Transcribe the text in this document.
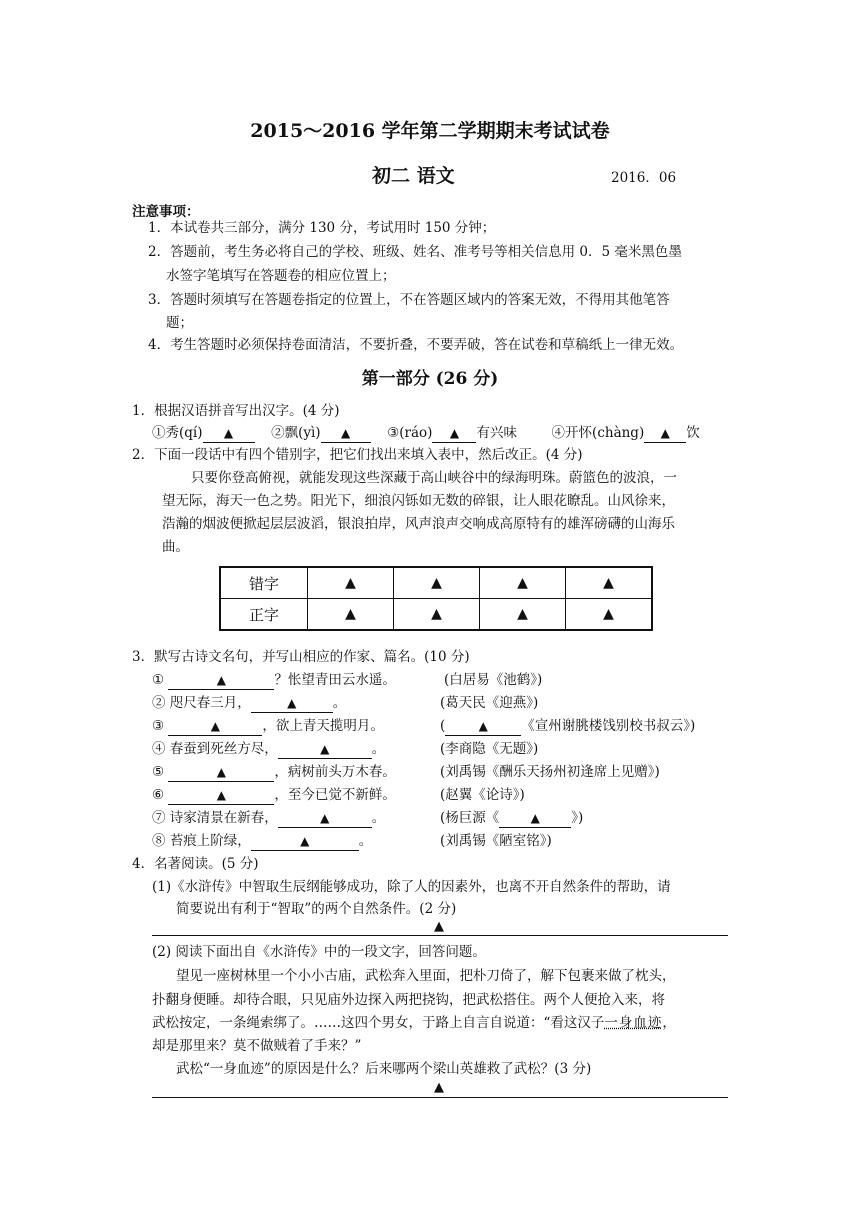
2015～2016 学年第二学期期末考试试卷
初二 语文	2016．06
注意事项：
1．本试卷共三部分，满分 130 分，考试用时 150 分钟；
2．答题前，考生务必将自己的学校、班级、姓名、准考号等相关信息用 0．5 毫米黑色墨
水签字笔填写在答题卷的相应位置上；
3．答题时须填写在答题卷指定的位置上，不在答题区域内的答案无效，不得用其他笔答
题；
4．考生答题时必须保持卷面清洁，不要折叠，不要弄破，答在试卷和草稿纸上一律无效。
第一部分 (26 分)
1．根据汉语拼音写出汉字。(4 分)
①秀(qí) ▲	②飘(yì) ▲	③(ráo) ▲ 有兴味	④开怀(chàng) ▲ 饮
2．下面一段话中有四个错别字，把它们找出来填入表中，然后改正。(4 分)
只要你登高俯视，就能发现这些深藏于高山峡谷中的绿海明珠。蔚篮色的波浪，一
望无际，海天一色之势。阳光下，细浪闪铄如无数的碎银，让人眼花瞭乱。山风徐来，
浩瀚的烟波便掀起层层波滔，银浪拍岸，风声浪声交响成高原特有的雄浑磅礴的山海乐
曲。
错字	▲	▲	▲	▲
正字	▲	▲	▲	▲
3．默写古诗文名句，并写山相应的作家、篇名。(10 分)
①	▲	？怅望青田云水遥。	(白居易《池鹤》)
② 咫尺春三月，	▲	。	(葛天民《迎燕》)
③	▲	，欲上青天揽明月。	(	▲ 《宣州谢朓楼饯别校书叔云》)
④ 春蚕到死丝方尽，	▲	。	(李商隐《无题》)
⑤	▲	，病树前头万木春。	(刘禹锡《酬乐天扬州初逢席上见赠》)
⑥	▲	，至今已觉不新鲜。	(赵翼《论诗》)
⑦ 诗家清景在新春，	▲	。	(杨巨源《	▲ 》)
⑧ 苔痕上阶绿，	▲	。	(刘禹锡《陋室铭》)
4．名著阅读。(5 分)
(1)《水浒传》中智取生辰纲能够成功，除了人的因素外，也离不开自然条件的帮助，请
简要说出有利于“智取”的两个自然条件。(2 分)
▲
(2) 阅读下面出自《水浒传》中的一段文字，回答问题。
望见一座树林里一个小小古庙，武松奔入里面，把朴刀倚了，解下包裹来做了枕头，
扑翻身便睡。却待合眼，只见庙外边探入两把挠钩，把武松搭住。两个人便抢入来，将
武松按定，一条绳索绑了。……这四个男女，于路上自言自说道：“看这汉子一身血迹，
却是那里来？莫不做贼着了手来？”
武松“一身血迹”的原因是什么？后来哪两个梁山英雄救了武松？(3 分)
▲
